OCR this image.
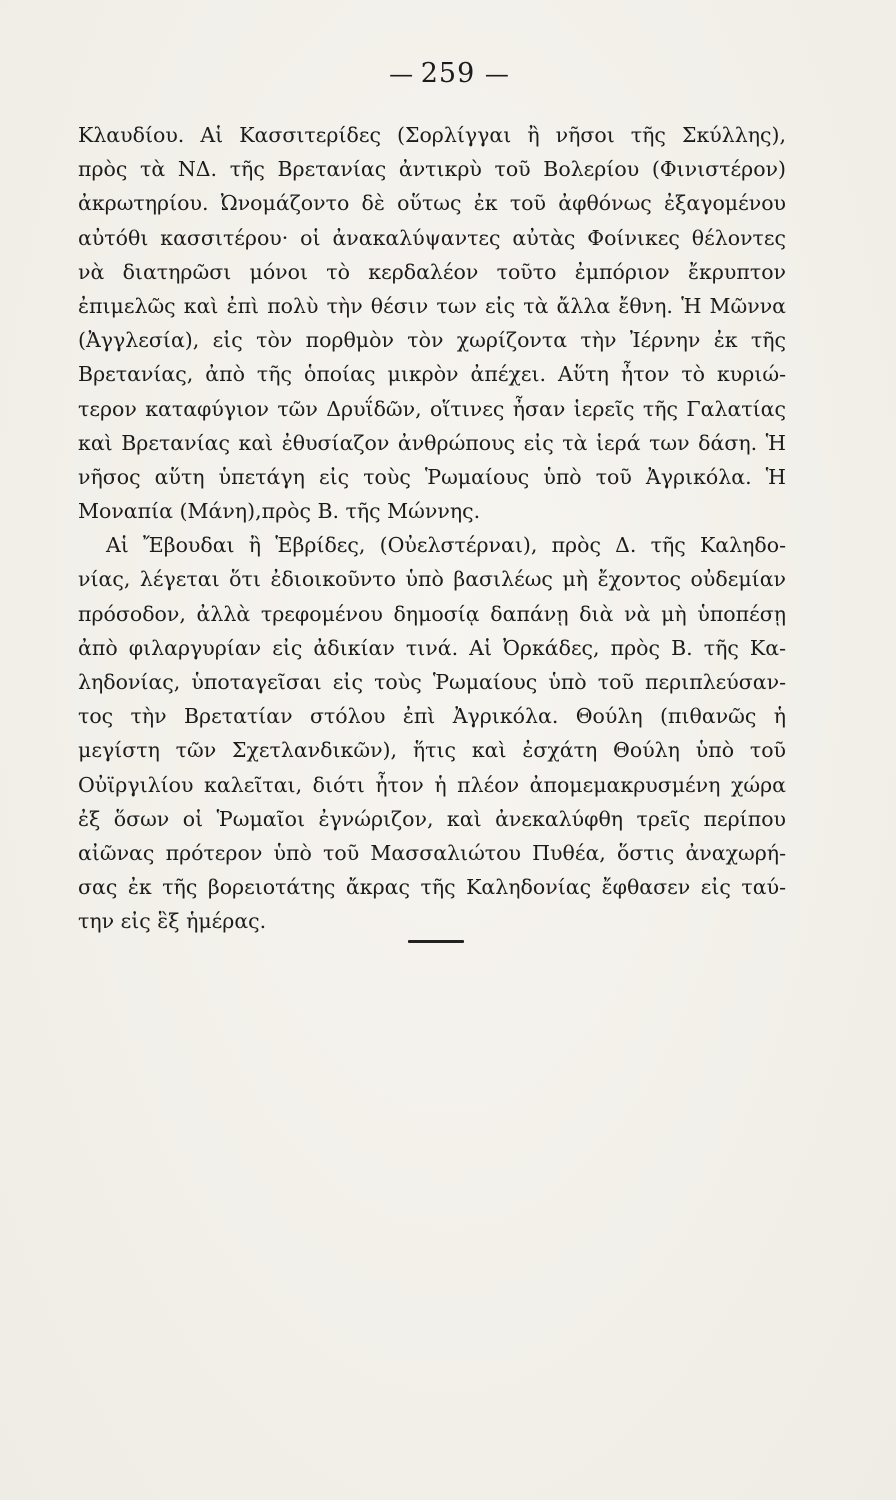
— 259 —
Κλαυδίου. Αἱ Κασσιτερίδες (Σορλίγγαι ἢ νῆσοι τῆς Σκύλλης),
πρὸς τὰ ΝΔ. τῆς Βρετανίας ἀντικρὺ τοῦ Βολερίου (Φινιστέρον)
ἀκρωτηρίου. Ὠνομάζοντο δὲ οὕτως ἐκ τοῦ ἀφθόνως ἐξαγομένου
αὐτόθι κασσιτέρου· οἱ ἀνακαλύψαντες αὐτὰς Φοίνικες θέλοντες
νὰ διατηρῶσι μόνοι τὸ κερδαλέον τοῦτο ἐμπόριον ἔκρυπτον
ἐπιμελῶς καὶ ἐπὶ πολὺ τὴν θέσιν των εἰς τὰ ἄλλα ἔθνη. Ἡ Μῶννα
(Ἀγγλεσία), εἰς τὸν πορθμὸν τὸν χωρίζοντα τὴν Ἰέρνην ἐκ τῆς
Βρετανίας, ἀπὸ τῆς ὁποίας μικρὸν ἀπέχει. Αὕτη ἦτον τὸ κυριώ-
τερον καταφύγιον τῶν Δρυΐδῶν, οἵτινες ἦσαν ἱερεῖς τῆς Γαλατίας
καὶ Βρετανίας καὶ ἐθυσίαζον ἀνθρώπους εἰς τὰ ἱερά των δάση. Ἡ
νῆσος αὕτη ὑπετάγη εἰς τοὺς Ῥωμαίους ὑπὸ τοῦ Ἀγρικόλα. Ἡ
Μοναπία (Μάνη),πρὸς Β. τῆς Μώννης.
Αἱ Ἔβουδαι ἢ Ἑβρίδες, (Οὐελστέρναι), πρὸς Δ. τῆς Καληδο-
νίας, λέγεται ὅτι ἐδιοικοῦντο ὑπὸ βασιλέως μὴ ἔχοντος οὐδεμίαν
πρόσοδον, ἀλλὰ τρεφομένου δημοσίᾳ δαπάνῃ διὰ νὰ μὴ ὑποπέσῃ
ἀπὸ φιλαργυρίαν εἰς ἀδικίαν τινά. Αἱ Ὀρκάδες, πρὸς Β. τῆς Κα-
ληδονίας, ὑποταγεῖσαι εἰς τοὺς Ῥωμαίους ὑπὸ τοῦ περιπλεύσαν-
τος τὴν Βρετατίαν στόλου ἐπὶ Ἀγρικόλα. Θούλη (πιθανῶς ἡ
μεγίστη τῶν Σχετλανδικῶν), ἥτις καὶ ἐσχάτη Θούλη ὑπὸ τοῦ
Οὐϊργιλίου καλεῖται, διότι ἦτον ἡ πλέον ἀπομεμακρυσμένη χώρα
ἐξ ὅσων οἱ Ῥωμαῖοι ἐγνώριζον, καὶ ἀνεκαλύφθη τρεῖς περίπου
αἰῶνας πρότερον ὑπὸ τοῦ Μασσαλιώτου Πυθέα, ὅστις ἀναχωρή-
σας ἐκ τῆς βορειοτάτης ἄκρας τῆς Καληδονίας ἔφθασεν εἰς ταύ-
την εἰς ἓξ ἡμέρας.
